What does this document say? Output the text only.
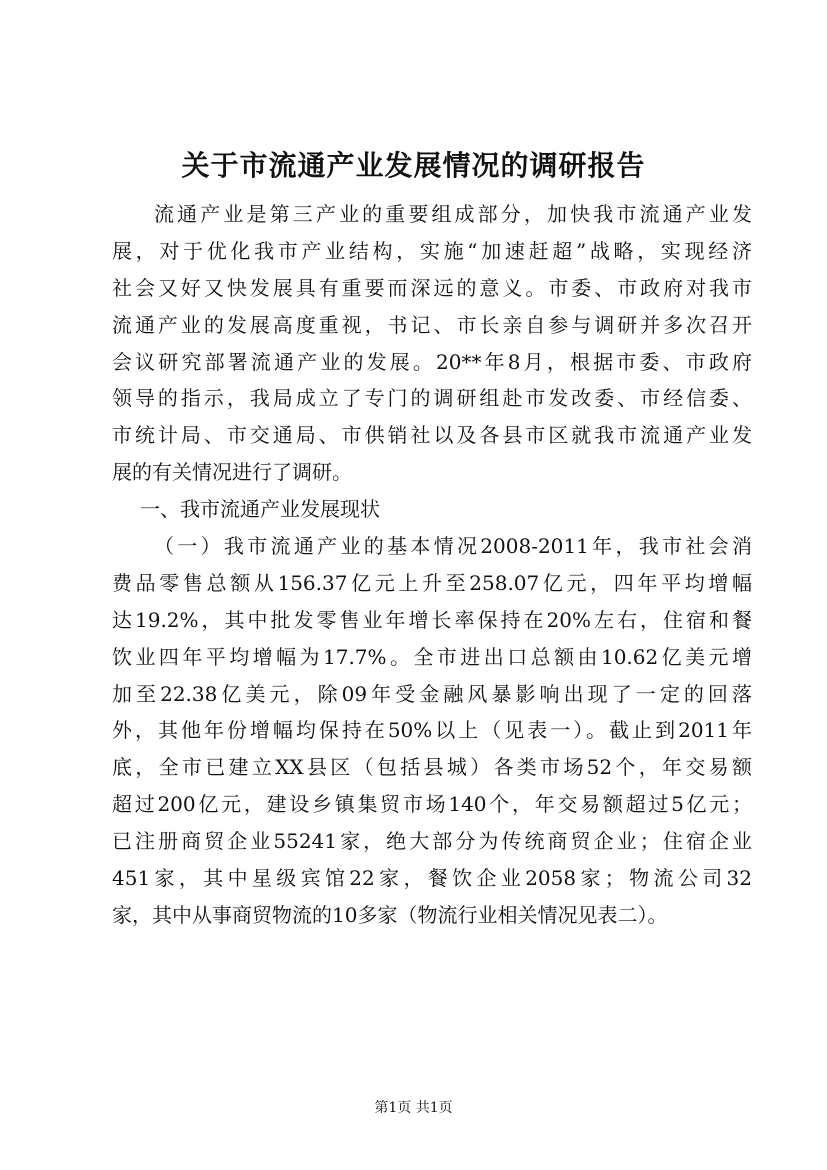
关于市流通产业发展情况的调研报告
流通产业是第三产业的重要组成部分，加快我市流通产业发
展，对于优化我市产业结构，实施“加速赶超”战略，实现经济
社会又好又快发展具有重要而深远的意义。市委、市政府对我市
流通产业的发展高度重视，书记、市长亲自参与调研并多次召开
会议研究部署流通产业的发展。20**年8月，根据市委、市政府
领导的指示，我局成立了专门的调研组赴市发改委、市经信委、
市统计局、市交通局、市供销社以及各县市区就我市流通产业发
展的有关情况进行了调研。
一、我市流通产业发展现状
（一）我市流通产业的基本情况2008-2011年，我市社会消
费品零售总额从156.37亿元上升至258.07亿元，四年平均增幅
达19.2%，其中批发零售业年增长率保持在20%左右，住宿和餐
饮业四年平均增幅为17.7%。全市进出口总额由10.62亿美元增
加至22.38亿美元，除09年受金融风暴影响出现了一定的回落
外，其他年份增幅均保持在50%以上（见表一）。截止到2011年
底，全市已建立XX县区（包括县城）各类市场52个，年交易额
超过200亿元，建设乡镇集贸市场140个，年交易额超过5亿元；
已注册商贸企业55241家，绝大部分为传统商贸企业；住宿企业
451家，其中星级宾馆22家，餐饮企业2058家；物流公司32
家，其中从事商贸物流的10多家（物流行业相关情况见表二）。
第1页 共1页
